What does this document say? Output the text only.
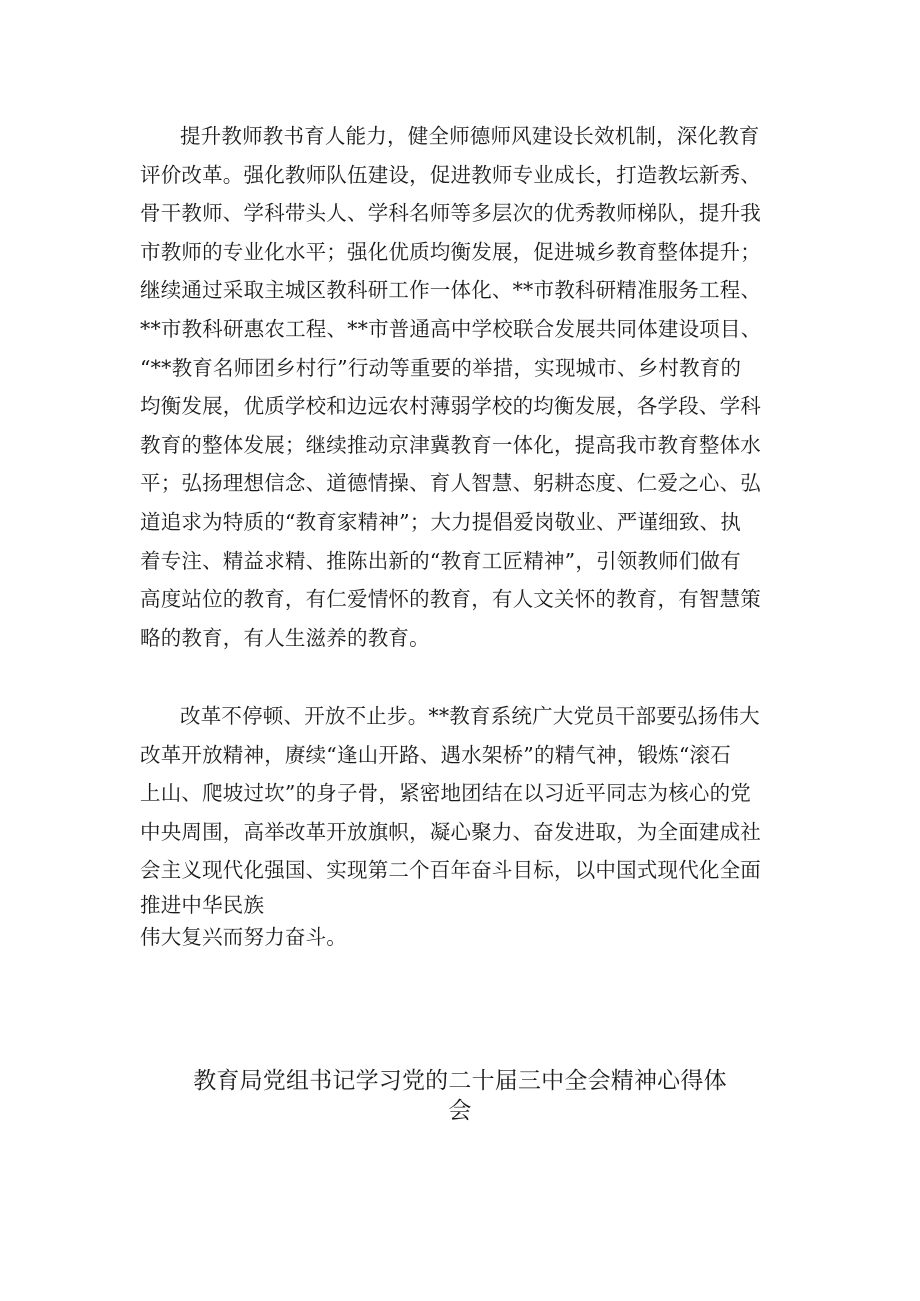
提升教师教书育人能力，健全师德师风建设长效机制，深化教育
评价改革。强化教师队伍建设，促进教师专业成长，打造教坛新秀、
骨干教师、学科带头人、学科名师等多层次的优秀教师梯队，提升我
市教师的专业化水平；强化优质均衡发展，促进城乡教育整体提升；
继续通过采取主城区教科研工作一体化、**市教科研精准服务工程、
**市教科研惠农工程、**市普通高中学校联合发展共同体建设项目、
“**教育名师团乡村行”行动等重要的举措，实现城市、乡村教育的
均衡发展，优质学校和边远农村薄弱学校的均衡发展，各学段、学科
教育的整体发展；继续推动京津冀教育一体化，提高我市教育整体水
平；弘扬理想信念、道德情操、育人智慧、躬耕态度、仁爱之心、弘
道追求为特质的“教育家精神”；大力提倡爱岗敬业、严谨细致、执
着专注、精益求精、推陈出新的“教育工匠精神”，引领教师们做有
高度站位的教育，有仁爱情怀的教育，有人文关怀的教育，有智慧策
略的教育，有人生滋养的教育。
改革不停顿、开放不止步。**教育系统广大党员干部要弘扬伟大
改革开放精神，赓续“逢山开路、遇水架桥”的精气神，锻炼“滚石
上山、爬坡过坎”的身子骨，紧密地团结在以习近平同志为核心的党
中央周围，高举改革开放旗帜，凝心聚力、奋发进取，为全面建成社
会主义现代化强国、实现第二个百年奋斗目标，以中国式现代化全面
推进中华民族
伟大复兴而努力奋斗。
教育局党组书记学习党的二十届三中全会精神心得体
会
